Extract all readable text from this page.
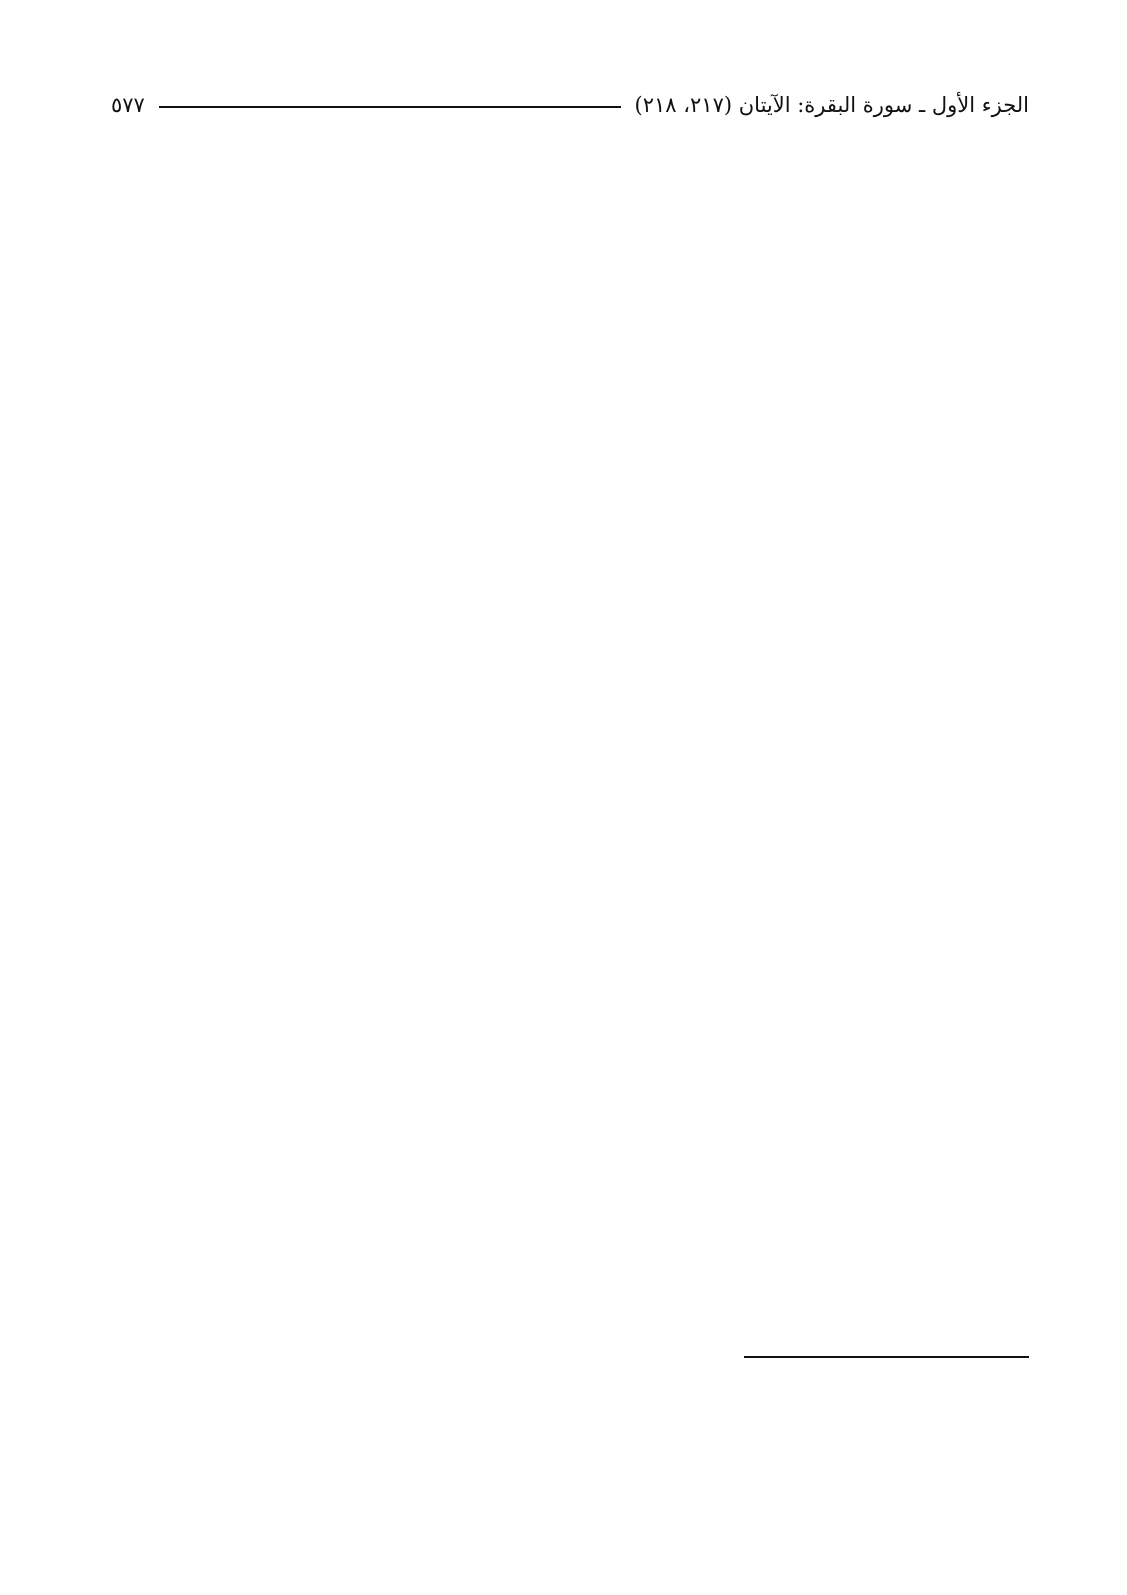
الجزء الأول ـ سورة البقرة: الآيتان (٢١٧، ٢١٨)
٥٧٧
